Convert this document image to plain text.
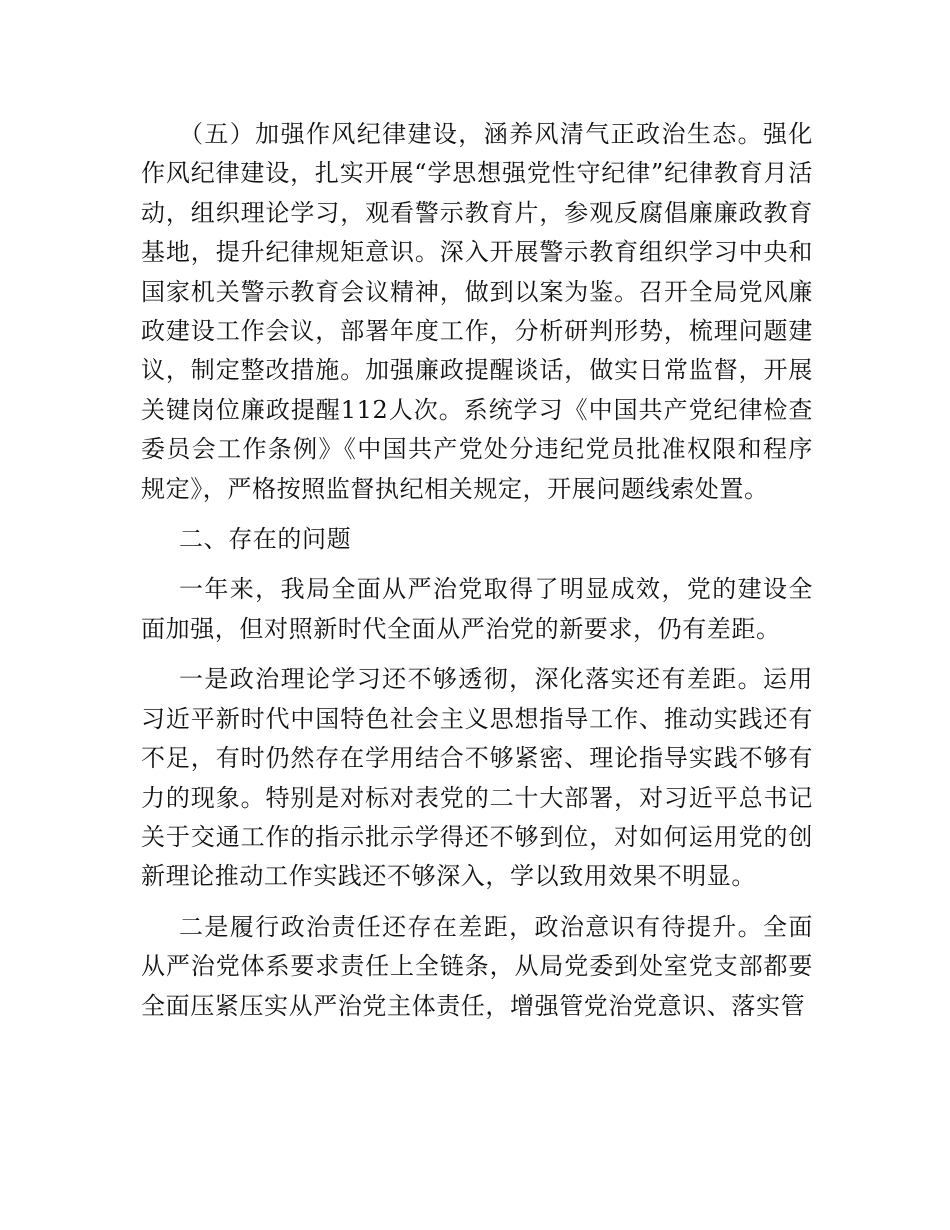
（五）加强作风纪律建设，涵养风清气正政治生态。强化作风纪律建设，扎实开展“学思想强党性守纪律”纪律教育月活动，组织理论学习，观看警示教育片，参观反腐倡廉廉政教育基地，提升纪律规矩意识。深入开展警示教育组织学习中央和国家机关警示教育会议精神，做到以案为鉴。召开全局党风廉政建设工作会议，部署年度工作，分析研判形势，梳理问题建议，制定整改措施。加强廉政提醒谈话，做实日常监督，开展关键岗位廉政提醒112人次。系统学习《中国共产党纪律检查委员会工作条例》《中国共产党处分违纪党员批准权限和程序规定》，严格按照监督执纪相关规定，开展问题线索处置。

二、存在的问题

一年来，我局全面从严治党取得了明显成效，党的建设全面加强，但对照新时代全面从严治党的新要求，仍有差距。

一是政治理论学习还不够透彻，深化落实还有差距。运用习近平新时代中国特色社会主义思想指导工作、推动实践还有不足，有时仍然存在学用结合不够紧密、理论指导实践不够有力的现象。特别是对标对表党的二十大部署，对习近平总书记关于交通工作的指示批示学得还不够到位，对如何运用党的创新理论推动工作实践还不够深入，学以致用效果不明显。

二是履行政治责任还存在差距，政治意识有待提升。全面从严治党体系要求责任上全链条，从局党委到处室党支部都要全面压紧压实从严治党主体责任，增强管党治党意识、落实管
